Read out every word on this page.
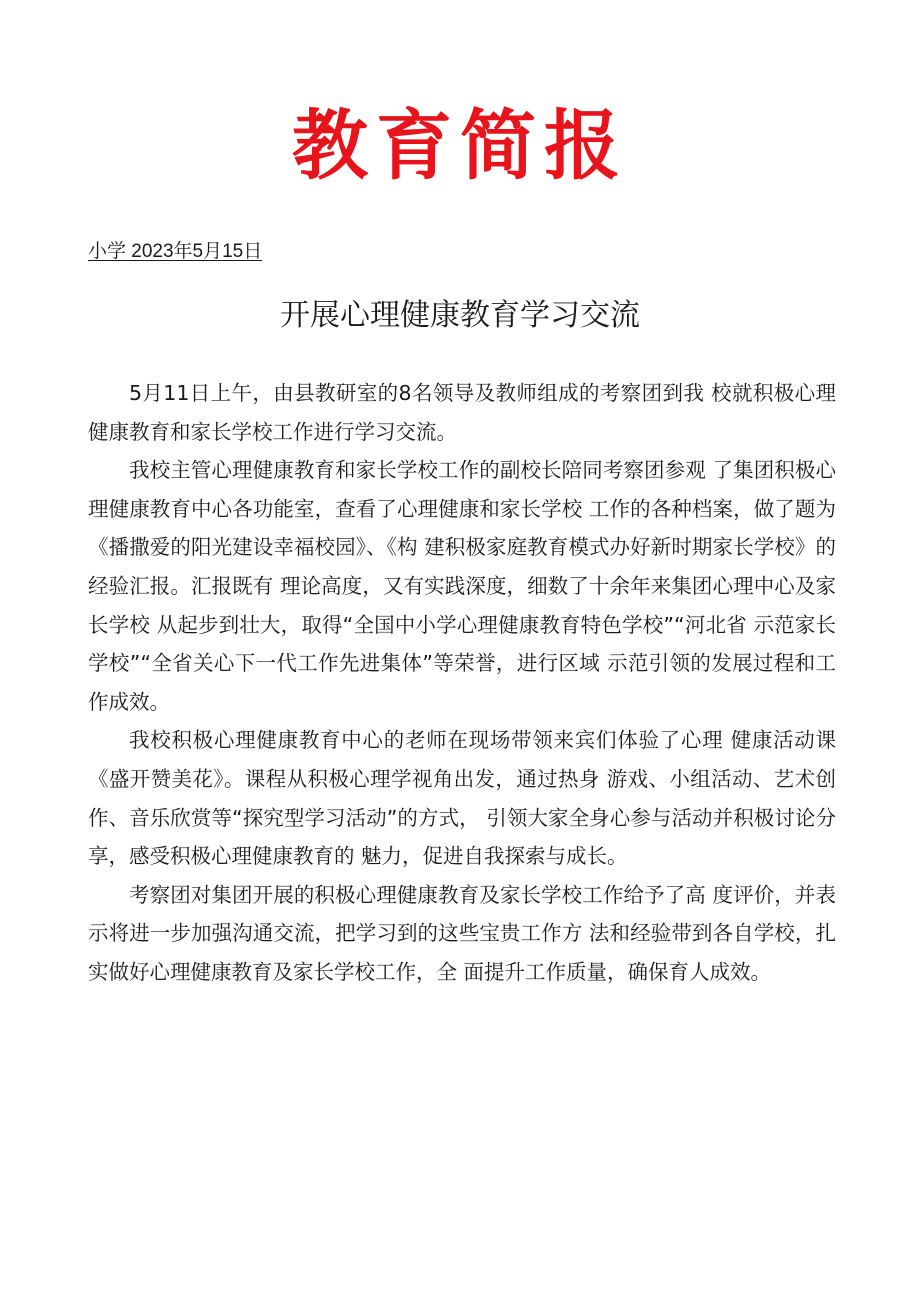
教育简报
小学 2023年5月15日
开展心理健康教育学习交流

5月11日上午，由县教研室的8名领导及教师组成的考察团到我 校就积极心理健康教育和家长学校工作进行学习交流。

我校主管心理健康教育和家长学校工作的副校长陪同考察团参观 了集团积极心理健康教育中心各功能室，查看了心理健康和家长学校 工作的各种档案，做了题为《播撒爱的阳光建设幸福校园》、《构 建积极家庭教育模式办好新时期家长学校》的经验汇报。汇报既有 理论高度，又有实践深度，细数了十余年来集团心理中心及家长学校 从起步到壮大，取得“全国中小学心理健康教育特色学校”“河北省 示范家长学校”“全省关心下一代工作先进集体”等荣誉，进行区域 示范引领的发展过程和工作成效。

我校积极心理健康教育中心的老师在现场带领来宾们体验了心理 健康活动课《盛开赞美花》。课程从积极心理学视角出发，通过热身 游戏、小组活动、艺术创作、音乐欣赏等“探究型学习活动”的方式， 引领大家全身心参与活动并积极讨论分享，感受积极心理健康教育的 魅力，促进自我探索与成长。

考察团对集团开展的积极心理健康教育及家长学校工作给予了高 度评价，并表示将进一步加强沟通交流，把学习到的这些宝贵工作方 法和经验带到各自学校，扎实做好心理健康教育及家长学校工作，全 面提升工作质量，确保育人成效。
